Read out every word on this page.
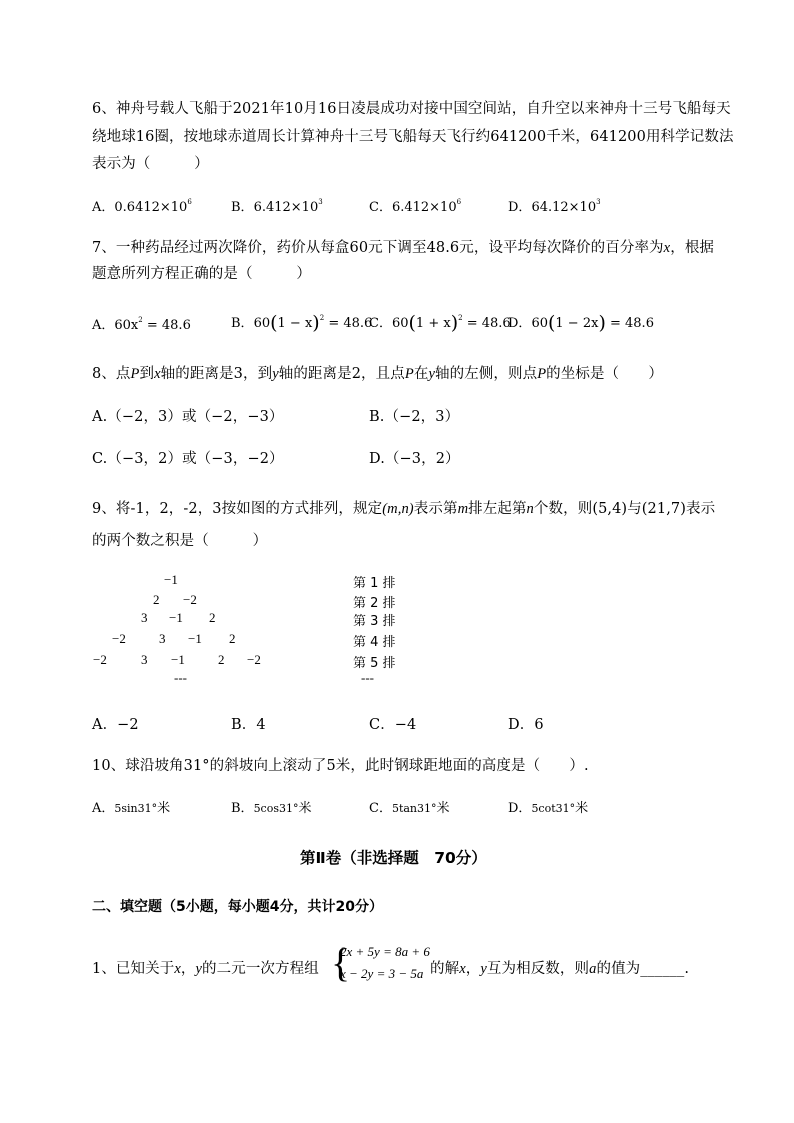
6、神舟号载人飞船于2021年10月16日凌晨成功对接中国空间站，自升空以来神舟十三号飞船每天
绕地球16圈，按地球赤道周长计算神舟十三号飞船每天飞行约641200千米，641200用科学记数法
表示为（　　　）
A．$0.6412\times 10^6$	B．$6.412\times 10^3$	C．$6.412\times 10^6$	D．$64.12\times 10^3$
7、一种药品经过两次降价，药价从每盒60元下调至48.6元，设平均每次降价的百分率为x，根据
题意所列方程正确的是（　　　）
A．$60x^2 = 48.6$	B．$60(1 - x)^2 = 48.6$
C．$60(1 + x)^2 = 48.6$
D．60(1 − 2x) = 48.6
8、点P到x轴的距离是3，到y轴的距离是2，且点P在y轴的左侧，则点P的坐标是（　　）
A.（−2，3）或（−2，−3）	B.（−2，3）
C.（−3，2）或（−3，−2）	D.（−3，2）
9、将-1，2，-2，3按如图的方式排列，规定(m,n)表示第m排左起第n个数，则(5,4)与(21,7)表示
的两个数之积是（　　　）
−1
2 −2
3 −1 2
−2	3 −1 2
−2	3 −1	2 −2
---
第 1 排
第 2 排
第 3 排
第 4 排
第 5 排
---
A．−2	B．4	C．−4	D．6
10、球沿坡角31°的斜坡向上滚动了5米，此时钢球距地面的高度是（　　）.
A．5sin31°米	B．5cos31°米	C．5tan31°米	D．5cot31°米
第Ⅱ卷（非选择题　70分）
二、填空题（5小题，每小题4分，共计20分）
1、已知关于x，y的二元一次方程组 {
2x + 5y = 8a + 6
x − 2y = 3 − 5a 的解x，y互为相反数，则a的值为______.
